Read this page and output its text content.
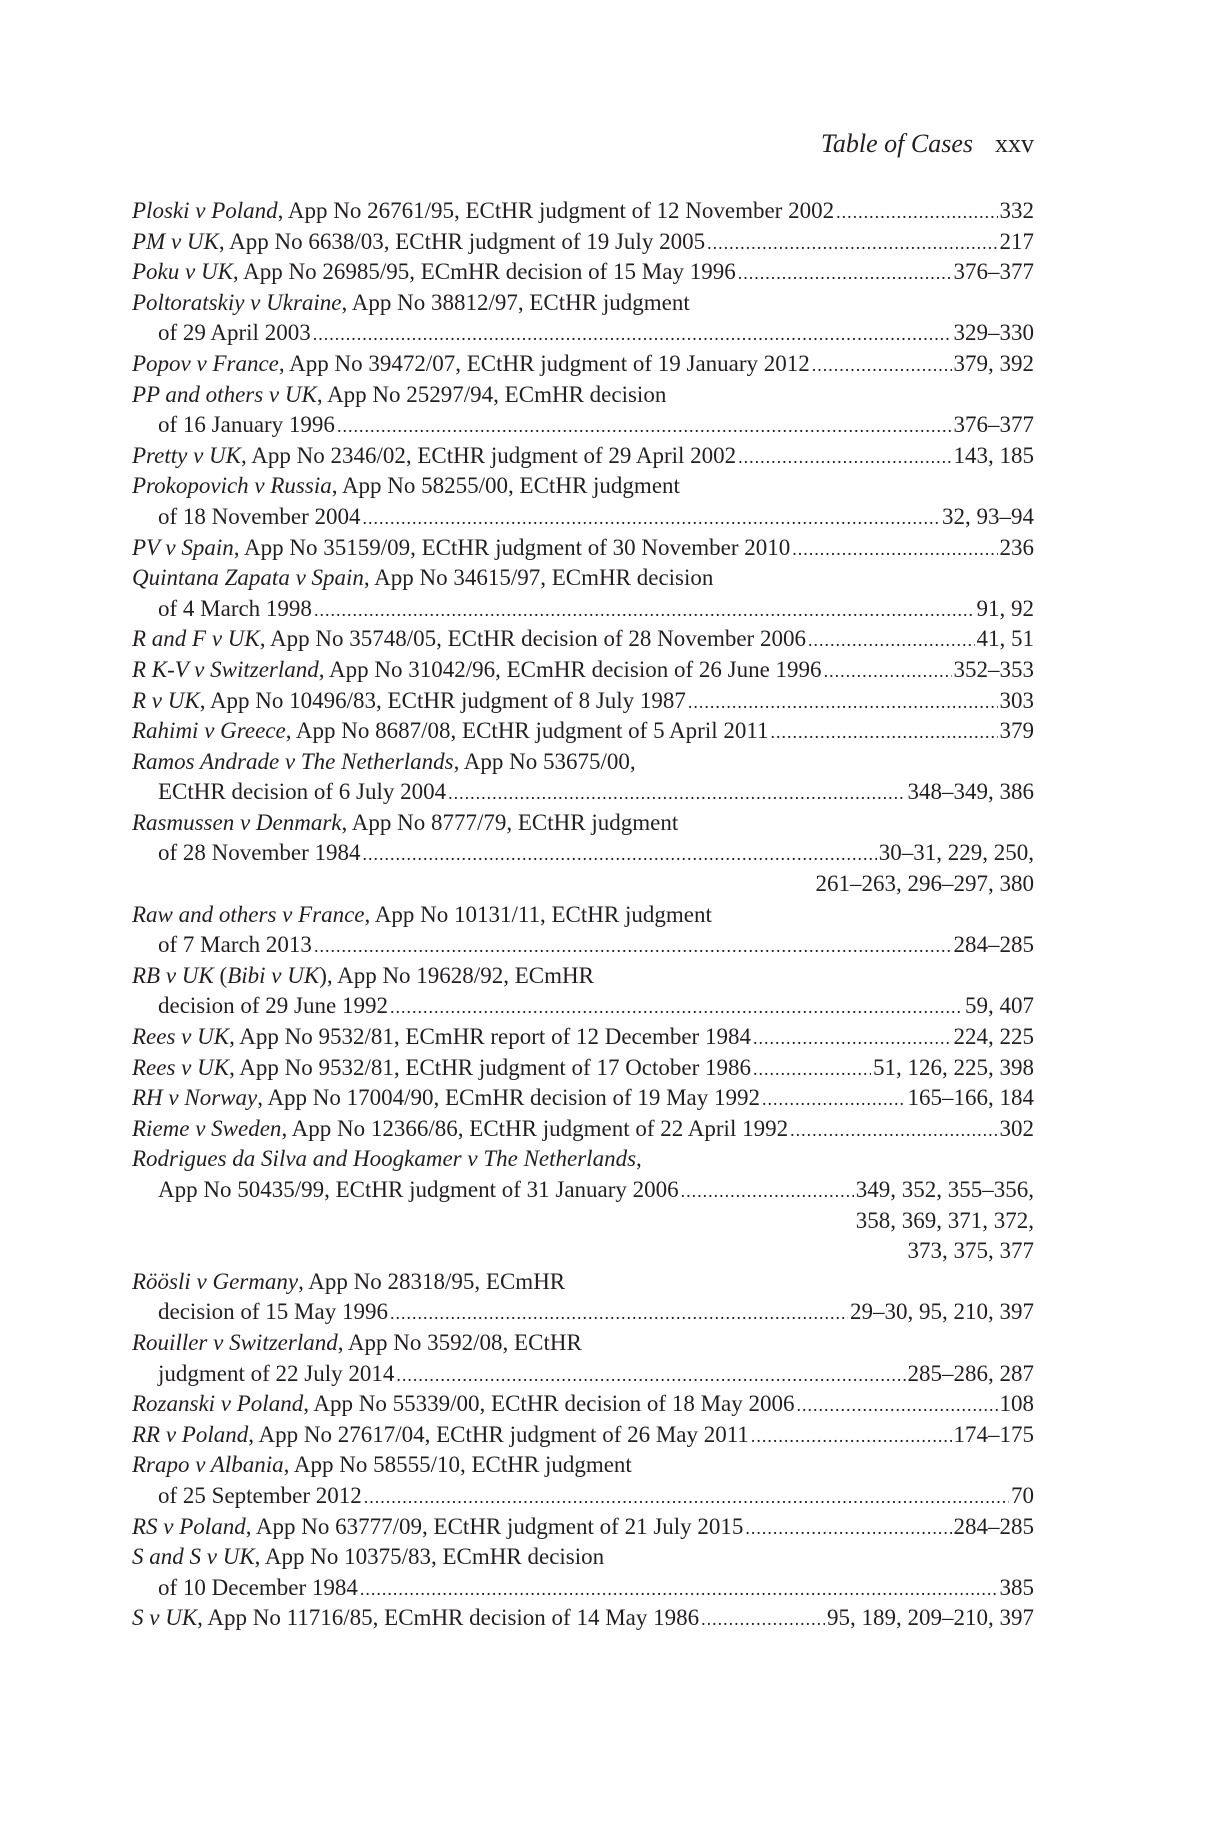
Table of Cases xxv
Ploski v Poland, App No 26761/95, ECtHR judgment of 12 November 2002 .....	332
PM v UK, App No 6638/03, ECtHR judgment of 19 July 2005 .....	217
Poku v UK, App No 26985/95, ECmHR decision of 15 May 1996 .....	376–377
Poltoratskiy v Ukraine, App No 38812/97, ECtHR judgment
of 29 April 2003 .....	329–330
Popov v France, App No 39472/07, ECtHR judgment of 19 January 2012 .....	379, 392
PP and others v UK, App No 25297/94, ECmHR decision
of 16 January 1996 .....	376–377
Pretty v UK, App No 2346/02, ECtHR judgment of 29 April 2002 .....	143, 185
Prokopovich v Russia, App No 58255/00, ECtHR judgment
of 18 November 2004 .....	32, 93–94
PV v Spain, App No 35159/09, ECtHR judgment of 30 November 2010 .....	236
Quintana Zapata v Spain, App No 34615/97, ECmHR decision
of 4 March 1998 .....	91, 92
R and F v UK, App No 35748/05, ECtHR decision of 28 November 2006 .....	41, 51
R K-V v Switzerland, App No 31042/96, ECmHR decision of 26 June 1996 .....	352–353
R v UK, App No 10496/83, ECtHR judgment of 8 July 1987 .....	303
Rahimi v Greece, App No 8687/08, ECtHR judgment of 5 April 2011 .....	379
Ramos Andrade v The Netherlands, App No 53675/00,
ECtHR decision of 6 July 2004 .....	348–349, 386
Rasmussen v Denmark, App No 8777/79, ECtHR judgment
of 28 November 1984 .....	30–31, 229, 250,
261–263, 296–297, 380
Raw and others v France, App No 10131/11, ECtHR judgment
of 7 March 2013 .....	284–285
RB v UK (Bibi v UK), App No 19628/92, ECmHR
decision of 29 June 1992 .....	59, 407
Rees v UK, App No 9532/81, ECmHR report of 12 December 1984 .....	224, 225
Rees v UK, App No 9532/81, ECtHR judgment of 17 October 1986 .....	51, 126, 225, 398
RH v Norway, App No 17004/90, ECmHR decision of 19 May 1992 .....	165–166, 184
Rieme v Sweden, App No 12366/86, ECtHR judgment of 22 April 1992 .....	302
Rodrigues da Silva and Hoogkamer v The Netherlands,
App No 50435/99, ECtHR judgment of 31 January 2006 .....	349, 352, 355–356,
358, 369, 371, 372,
373, 375, 377
Röösli v Germany, App No 28318/95, ECmHR
decision of 15 May 1996 .....	29–30, 95, 210, 397
Rouiller v Switzerland, App No 3592/08, ECtHR
judgment of 22 July 2014 .....	285–286, 287
Rozanski v Poland, App No 55339/00, ECtHR decision of 18 May 2006 .....	108
RR v Poland, App No 27617/04, ECtHR judgment of 26 May 2011 .....	174–175
Rrapo v Albania, App No 58555/10, ECtHR judgment
of 25 September 2012 .....	70
RS v Poland, App No 63777/09, ECtHR judgment of 21 July 2015 .....	284–285
S and S v UK, App No 10375/83, ECmHR decision
of 10 December 1984 .....	385
S v UK, App No 11716/85, ECmHR decision of 14 May 1986 .....	95, 189, 209–210, 397
